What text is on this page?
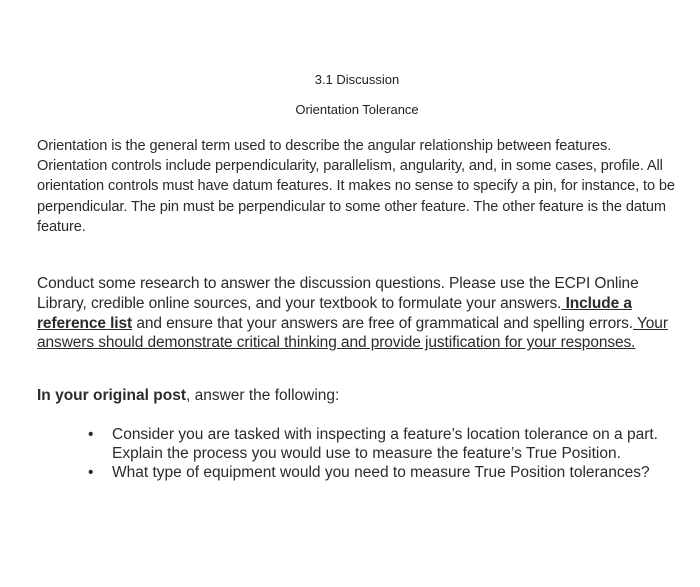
3.1 Discussion
Orientation Tolerance
Orientation is the general term used to describe the angular relationship between features. Orientation controls include perpendicularity, parallelism, angularity, and, in some cases, profile. All orientation controls must have datum features. It makes no sense to specify a pin, for instance, to be perpendicular. The pin must be perpendicular to some other feature. The other feature is the datum feature.
Conduct some research to answer the discussion questions. Please use the ECPI Online Library, credible online sources, and your textbook to formulate your answers. Include a reference list and ensure that your answers are free of grammatical and spelling errors. Your answers should demonstrate critical thinking and provide justification for your responses.
In your original post, answer the following:
• Consider you are tasked with inspecting a feature’s location tolerance on a part. Explain the process you would use to measure the feature’s True Position.
• What type of equipment would you need to measure True Position tolerances?
